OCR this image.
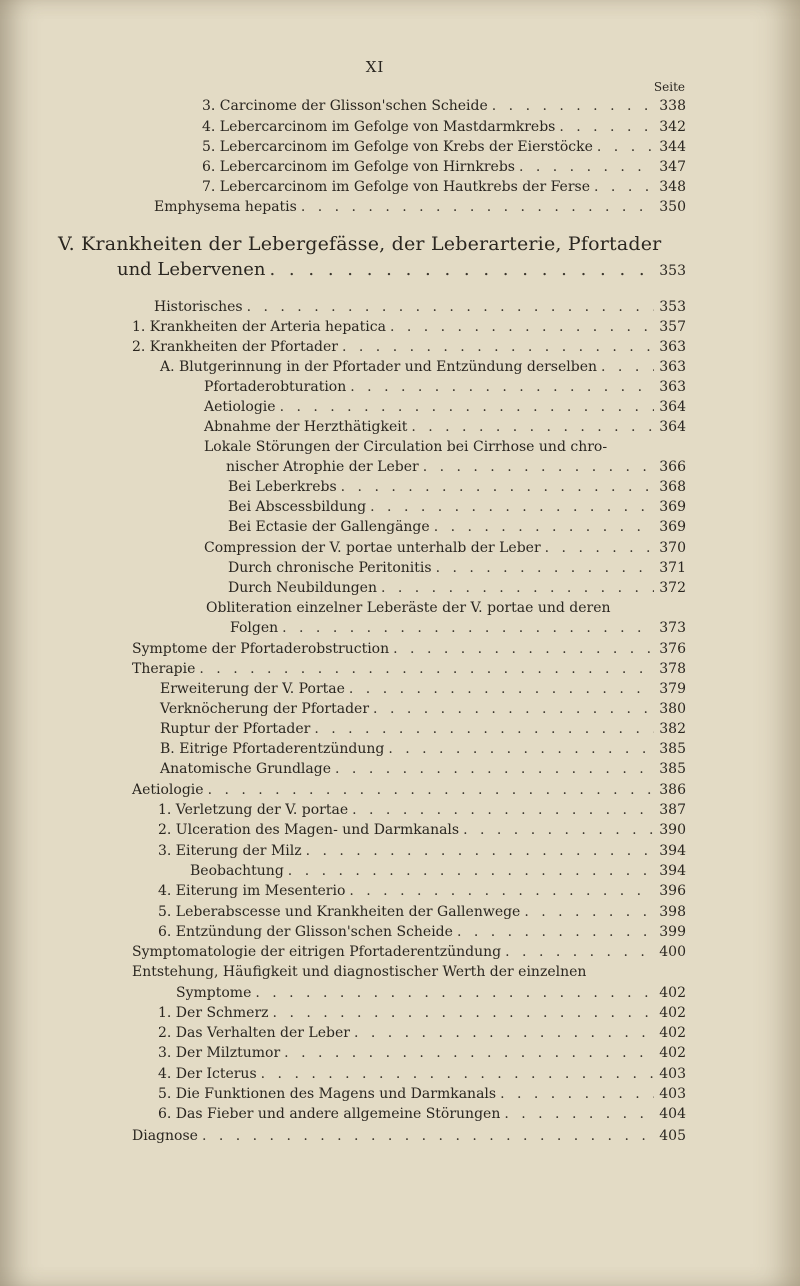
XI
Seite
3. Carcinome der Glisson'schen Scheide . . .	338
4. Lebercarcinom im Gefolge von Mastdarmkrebs . . .	342
5. Lebercarcinom im Gefolge von Krebs der Eierstöcke . . .	344
6. Lebercarcinom im Gefolge von Hirnkrebs . . .	347
7. Lebercarcinom im Gefolge von Hautkrebs der Ferse . . .	348
Emphysema hepatis . . .	350
V. Krankheiten der Lebergefässe, der Leberarterie, Pfortader
und Lebervenen . . .	353
Historisches . . .	353
1. Krankheiten der Arteria hepatica . . .	357
2. Krankheiten der Pfortader . . .	363
A. Blutgerinnung in der Pfortader und Entzündung derselben . . .	363
Pfortaderobturation . . .	363
Aetiologie . . .	364
Abnahme der Herzthätigkeit . . .	364
Lokale Störungen der Circulation bei Cirrhose und chro-
nischer Atrophie der Leber . . .	366
Bei Leberkrebs . . .	368
Bei Abscessbildung . . .	369
Bei Ectasie der Gallengänge . . .	369
Compression der V. portae unterhalb der Leber . . .	370
Durch chronische Peritonitis . . .	371
Durch Neubildungen . . .	372
Obliteration einzelner Leberäste der V. portae und deren
Folgen . . .	373
Symptome der Pfortaderobstruction . . .	376
Therapie . . .	378
Erweiterung der V. Portae . . .	379
Verknöcherung der Pfortader . . .	380
Ruptur der Pfortader . . .	382
B. Eitrige Pfortaderentzündung . . .	385
Anatomische Grundlage . . .	385
Aetiologie . . .	386
1. Verletzung der V. portae . . .	387
2. Ulceration des Magen- und Darmkanals . . .	390
3. Eiterung der Milz . . .	394
Beobachtung . . .	394
4. Eiterung im Mesenterio . . .	396
5. Leberabscesse und Krankheiten der Gallenwege . . .	398
6. Entzündung der Glisson'schen Scheide . . .	399
Symptomatologie der eitrigen Pfortaderentzündung . . .	400
Entstehung, Häufigkeit und diagnostischer Werth der einzelnen
Symptome . . .	402
1. Der Schmerz . . .	402
2. Das Verhalten der Leber . . .	402
3. Der Milztumor . . .	402
4. Der Icterus . . .	403
5. Die Funktionen des Magens und Darmkanals . . .	403
6. Das Fieber und andere allgemeine Störungen . . .	404
Diagnose . . .	405
